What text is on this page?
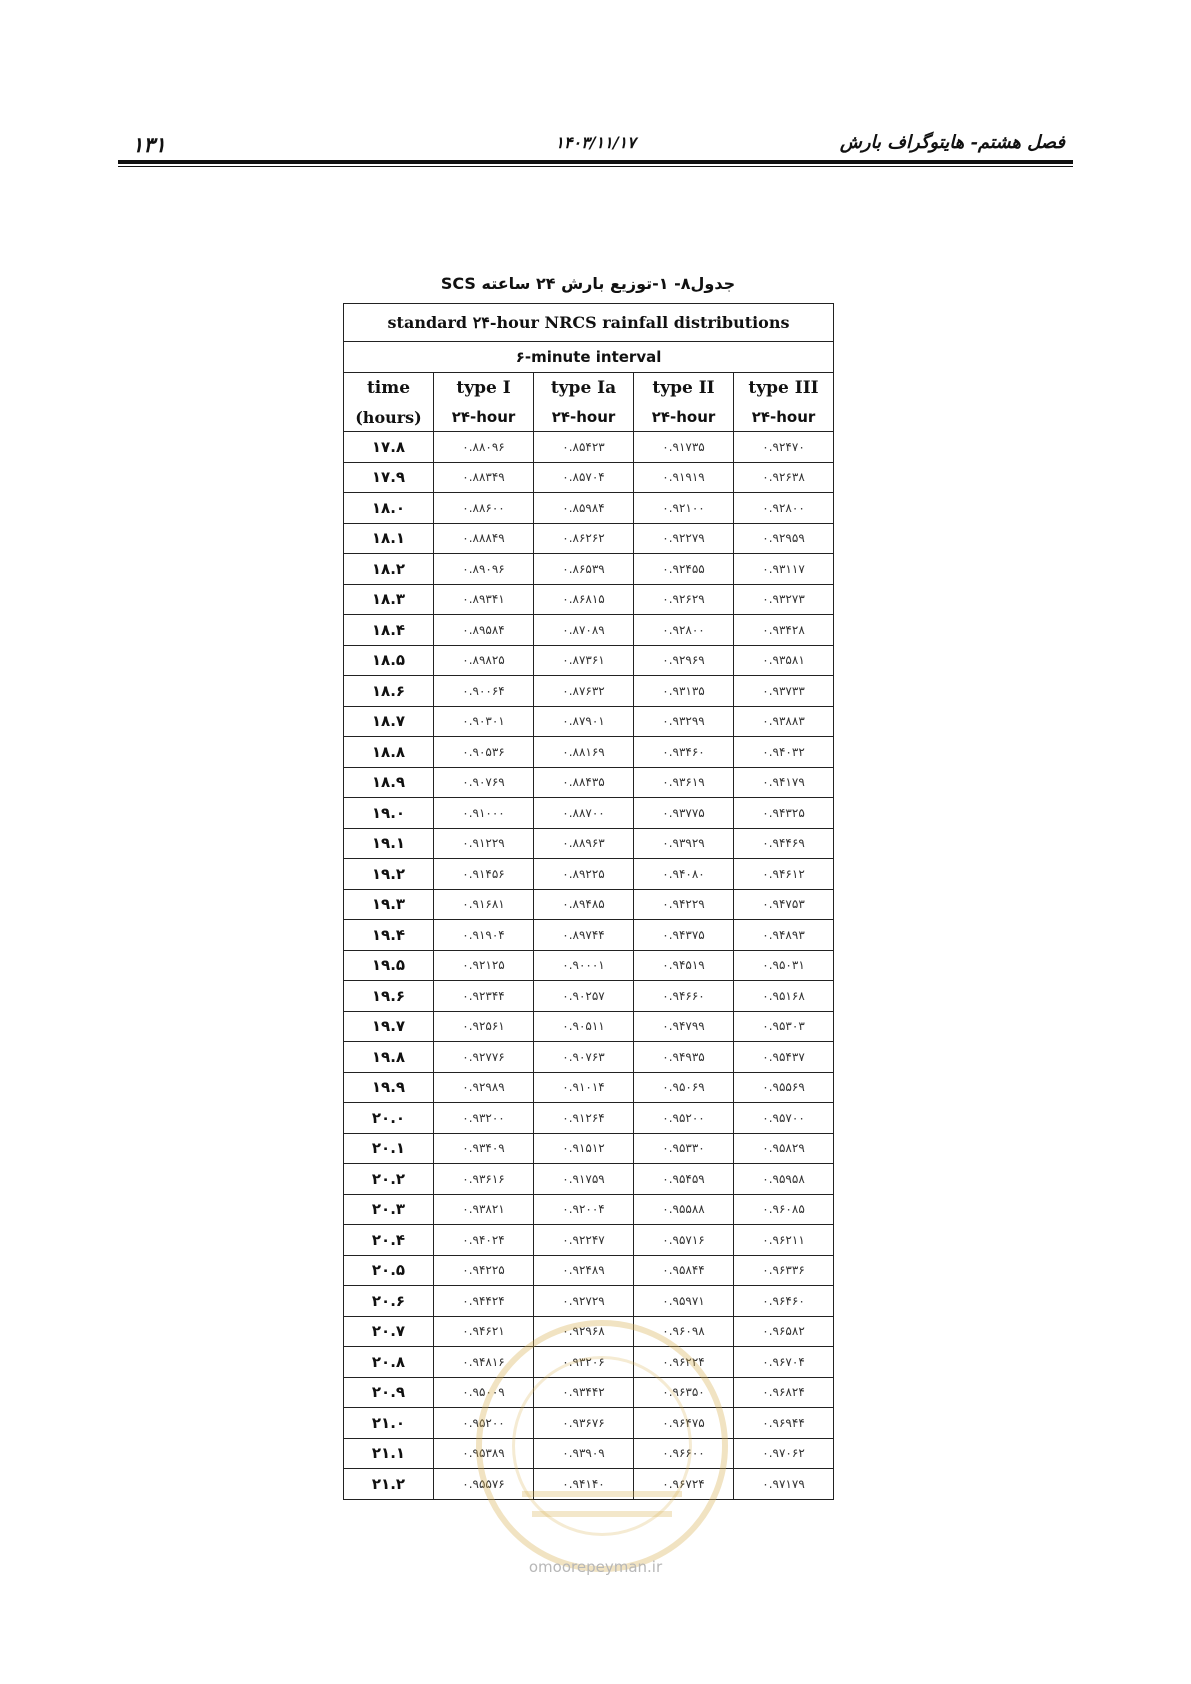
۱۳۱	۱۴۰۳/۱۱/۱۷	فصل هشتم- هایتوگراف بارش
جدول۸- ۱-توزیع بارش ۲۴ ساعته SCS
standard ۲۴-hour NRCS rainfall distributions				
۶-minute interval				
time	type I	type Ia	type II	type III
(hours)	۲۴-hour	۲۴-hour	۲۴-hour	۲۴-hour
۱۷.۸	۰.۸۸۰۹۶	۰.۸۵۴۲۳	۰.۹۱۷۳۵	۰.۹۲۴۷۰
۱۷.۹	۰.۸۸۳۴۹	۰.۸۵۷۰۴	۰.۹۱۹۱۹	۰.۹۲۶۳۸
۱۸.۰	۰.۸۸۶۰۰	۰.۸۵۹۸۴	۰.۹۲۱۰۰	۰.۹۲۸۰۰
۱۸.۱	۰.۸۸۸۴۹	۰.۸۶۲۶۲	۰.۹۲۲۷۹	۰.۹۲۹۵۹
۱۸.۲	۰.۸۹۰۹۶	۰.۸۶۵۳۹	۰.۹۲۴۵۵	۰.۹۳۱۱۷
۱۸.۳	۰.۸۹۳۴۱	۰.۸۶۸۱۵	۰.۹۲۶۲۹	۰.۹۳۲۷۳
۱۸.۴	۰.۸۹۵۸۴	۰.۸۷۰۸۹	۰.۹۲۸۰۰	۰.۹۳۴۲۸
۱۸.۵	۰.۸۹۸۲۵	۰.۸۷۳۶۱	۰.۹۲۹۶۹	۰.۹۳۵۸۱
۱۸.۶	۰.۹۰۰۶۴	۰.۸۷۶۳۲	۰.۹۳۱۳۵	۰.۹۳۷۳۳
۱۸.۷	۰.۹۰۳۰۱	۰.۸۷۹۰۱	۰.۹۳۲۹۹	۰.۹۳۸۸۳
۱۸.۸	۰.۹۰۵۳۶	۰.۸۸۱۶۹	۰.۹۳۴۶۰	۰.۹۴۰۳۲
۱۸.۹	۰.۹۰۷۶۹	۰.۸۸۴۳۵	۰.۹۳۶۱۹	۰.۹۴۱۷۹
۱۹.۰	۰.۹۱۰۰۰	۰.۸۸۷۰۰	۰.۹۳۷۷۵	۰.۹۴۳۲۵
۱۹.۱	۰.۹۱۲۲۹	۰.۸۸۹۶۳	۰.۹۳۹۲۹	۰.۹۴۴۶۹
۱۹.۲	۰.۹۱۴۵۶	۰.۸۹۲۲۵	۰.۹۴۰۸۰	۰.۹۴۶۱۲
۱۹.۳	۰.۹۱۶۸۱	۰.۸۹۴۸۵	۰.۹۴۲۲۹	۰.۹۴۷۵۳
۱۹.۴	۰.۹۱۹۰۴	۰.۸۹۷۴۴	۰.۹۴۳۷۵	۰.۹۴۸۹۳
۱۹.۵	۰.۹۲۱۲۵	۰.۹۰۰۰۱	۰.۹۴۵۱۹	۰.۹۵۰۳۱
۱۹.۶	۰.۹۲۳۴۴	۰.۹۰۲۵۷	۰.۹۴۶۶۰	۰.۹۵۱۶۸
۱۹.۷	۰.۹۲۵۶۱	۰.۹۰۵۱۱	۰.۹۴۷۹۹	۰.۹۵۳۰۳
۱۹.۸	۰.۹۲۷۷۶	۰.۹۰۷۶۳	۰.۹۴۹۳۵	۰.۹۵۴۳۷
۱۹.۹	۰.۹۲۹۸۹	۰.۹۱۰۱۴	۰.۹۵۰۶۹	۰.۹۵۵۶۹
۲۰.۰	۰.۹۳۲۰۰	۰.۹۱۲۶۴	۰.۹۵۲۰۰	۰.۹۵۷۰۰
۲۰.۱	۰.۹۳۴۰۹	۰.۹۱۵۱۲	۰.۹۵۳۳۰	۰.۹۵۸۲۹
۲۰.۲	۰.۹۳۶۱۶	۰.۹۱۷۵۹	۰.۹۵۴۵۹	۰.۹۵۹۵۸
۲۰.۳	۰.۹۳۸۲۱	۰.۹۲۰۰۴	۰.۹۵۵۸۸	۰.۹۶۰۸۵
۲۰.۴	۰.۹۴۰۲۴	۰.۹۲۲۴۷	۰.۹۵۷۱۶	۰.۹۶۲۱۱
۲۰.۵	۰.۹۴۲۲۵	۰.۹۲۴۸۹	۰.۹۵۸۴۴	۰.۹۶۳۳۶
۲۰.۶	۰.۹۴۴۲۴	۰.۹۲۷۲۹	۰.۹۵۹۷۱	۰.۹۶۴۶۰
۲۰.۷	۰.۹۴۶۲۱	۰.۹۲۹۶۸	۰.۹۶۰۹۸	۰.۹۶۵۸۲
۲۰.۸	۰.۹۴۸۱۶	۰.۹۳۲۰۶	۰.۹۶۲۲۴	۰.۹۶۷۰۴
۲۰.۹	۰.۹۵۰۰۹	۰.۹۳۴۴۲	۰.۹۶۳۵۰	۰.۹۶۸۲۴
۲۱.۰	۰.۹۵۲۰۰	۰.۹۳۶۷۶	۰.۹۶۴۷۵	۰.۹۶۹۴۴
۲۱.۱	۰.۹۵۳۸۹	۰.۹۳۹۰۹	۰.۹۶۶۰۰	۰.۹۷۰۶۲
۲۱.۲	۰.۹۵۵۷۶	۰.۹۴۱۴۰	۰.۹۶۷۲۴	۰.۹۷۱۷۹
omoorepeyman.ir
